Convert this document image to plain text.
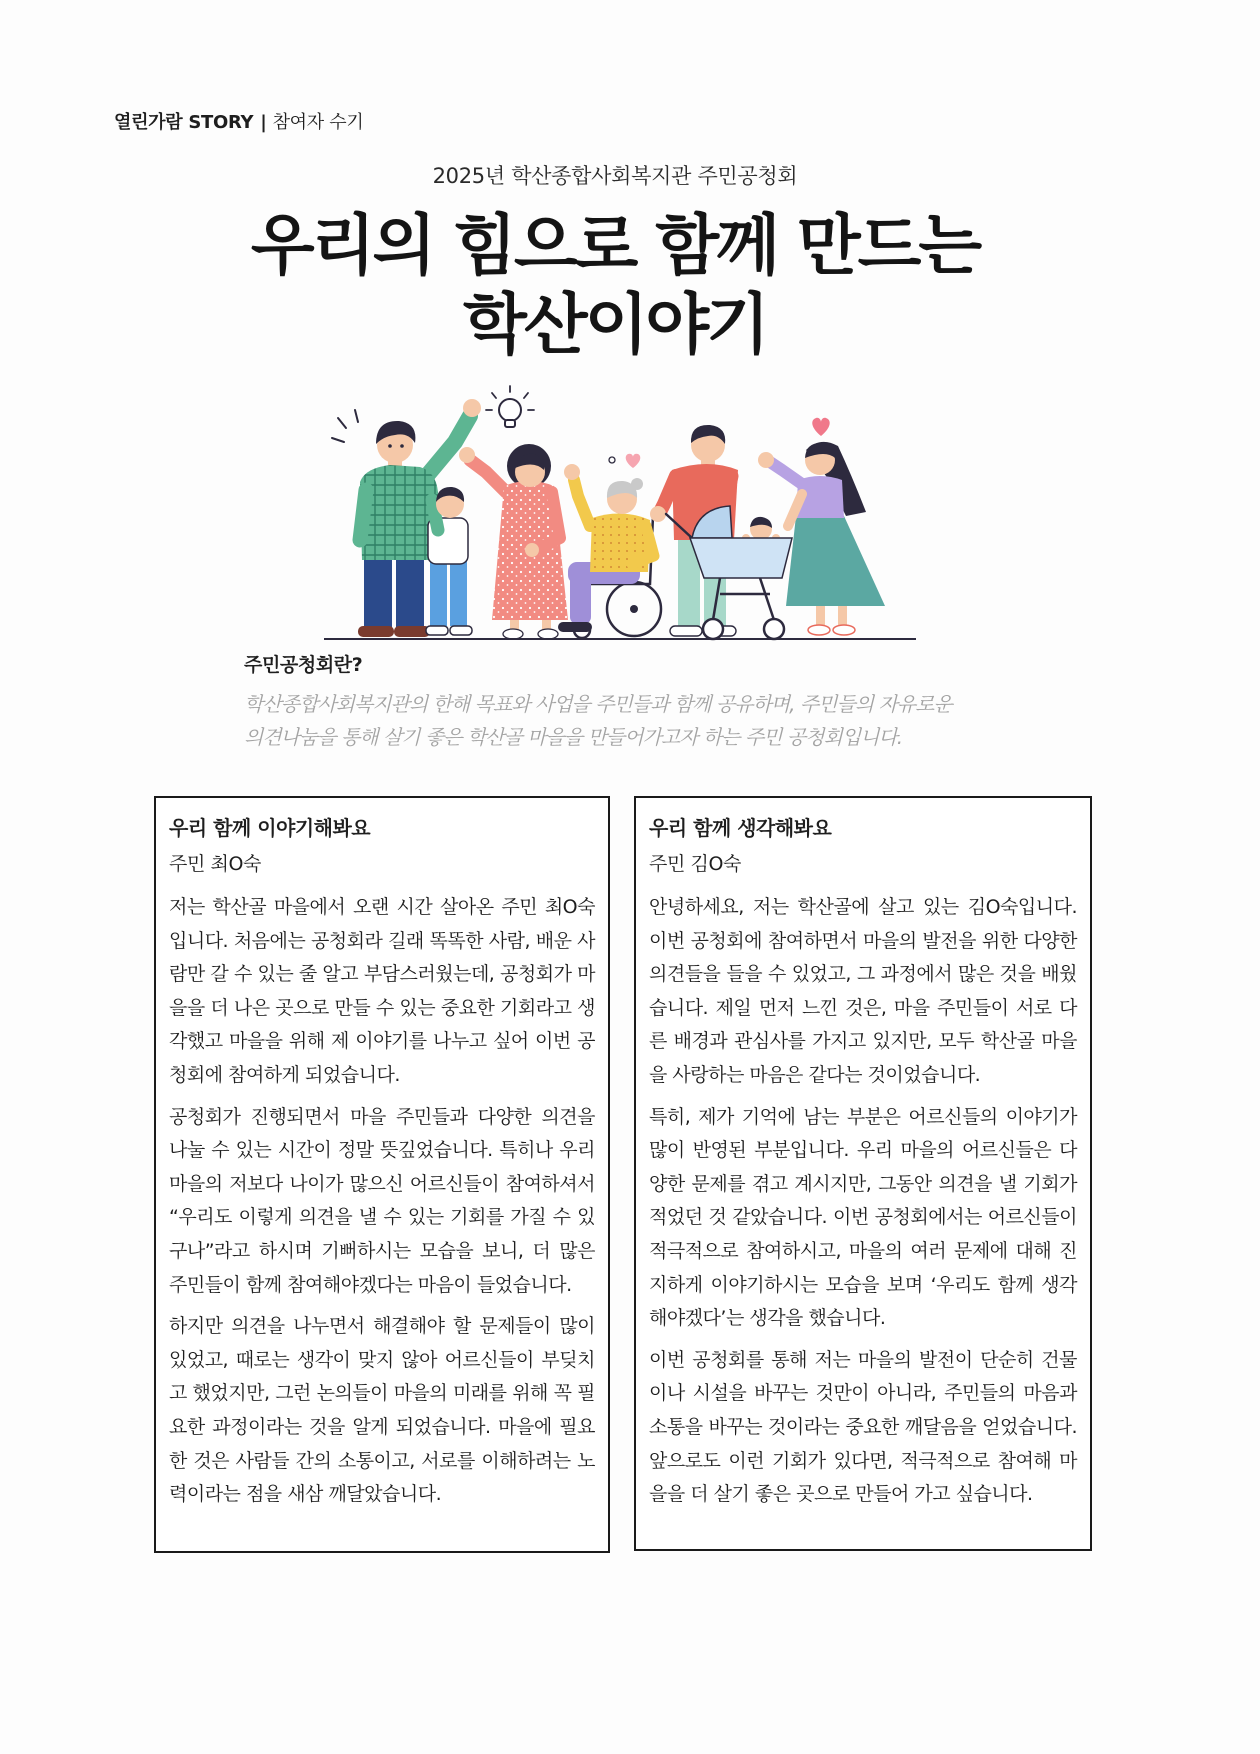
열린가람 STORY | 참여자 수기
2025년 학산종합사회복지관 주민공청회
우리의 힘으로 함께 만드는
학산이야기
주민공청회란?
학산종합사회복지관의 한해 목표와 사업을 주민들과 함께 공유하며, 주민들의 자유로운
의견나눔을 통해 살기 좋은 학산골 마을을 만들어가고자 하는 주민 공청회입니다.
우리 함께 이야기해봐요
주민 최O숙

저는 학산골 마을에서 오랜 시간 살아온 주민 최O숙입니다. 처음에는 공청회라 길래 똑똑한 사람, 배운 사람만 갈 수 있는 줄 알고 부담스러웠는데, 공청회가 마을을 더 나은 곳으로 만들 수 있는 중요한 기회라고 생각했고 마을을 위해 제 이야기를 나누고 싶어 이번 공청회에 참여하게 되었습니다.

공청회가 진행되면서 마을 주민들과 다양한 의견을 나눌 수 있는 시간이 정말 뜻깊었습니다. 특히나 우리 마을의 저보다 나이가 많으신 어르신들이 참여하셔서 “우리도 이렇게 의견을 낼 수 있는 기회를 가질 수 있구나”라고 하시며 기뻐하시는 모습을 보니, 더 많은 주민들이 함께 참여해야겠다는 마음이 들었습니다.

하지만 의견을 나누면서 해결해야 할 문제들이 많이 있었고, 때로는 생각이 맞지 않아 어르신들이 부딪치고 했었지만, 그런 논의들이 마을의 미래를 위해 꼭 필요한 과정이라는 것을 알게 되었습니다. 마을에 필요한 것은 사람들 간의 소통이고, 서로를 이해하려는 노력이라는 점을 새삼 깨달았습니다.

우리 함께 생각해봐요
주민 김O숙

안녕하세요, 저는 학산골에 살고 있는 김O숙입니다. 이번 공청회에 참여하면서 마을의 발전을 위한 다양한 의견들을 들을 수 있었고, 그 과정에서 많은 것을 배웠습니다. 제일 먼저 느낀 것은, 마을 주민들이 서로 다른 배경과 관심사를 가지고 있지만, 모두 학산골 마을을 사랑하는 마음은 같다는 것이었습니다.

특히, 제가 기억에 남는 부분은 어르신들의 이야기가 많이 반영된 부분입니다. 우리 마을의 어르신들은 다양한 문제를 겪고 계시지만, 그동안 의견을 낼 기회가 적었던 것 같았습니다. 이번 공청회에서는 어르신들이 적극적으로 참여하시고, 마을의 여러 문제에 대해 진지하게 이야기하시는 모습을 보며 ‘우리도 함께 생각해야겠다’는 생각을 했습니다.

이번 공청회를 통해 저는 마을의 발전이 단순히 건물이나 시설을 바꾸는 것만이 아니라, 주민들의 마음과 소통을 바꾸는 것이라는 중요한 깨달음을 얻었습니다. 앞으로도 이런 기회가 있다면, 적극적으로 참여해 마을을 더 살기 좋은 곳으로 만들어 가고 싶습니다.
